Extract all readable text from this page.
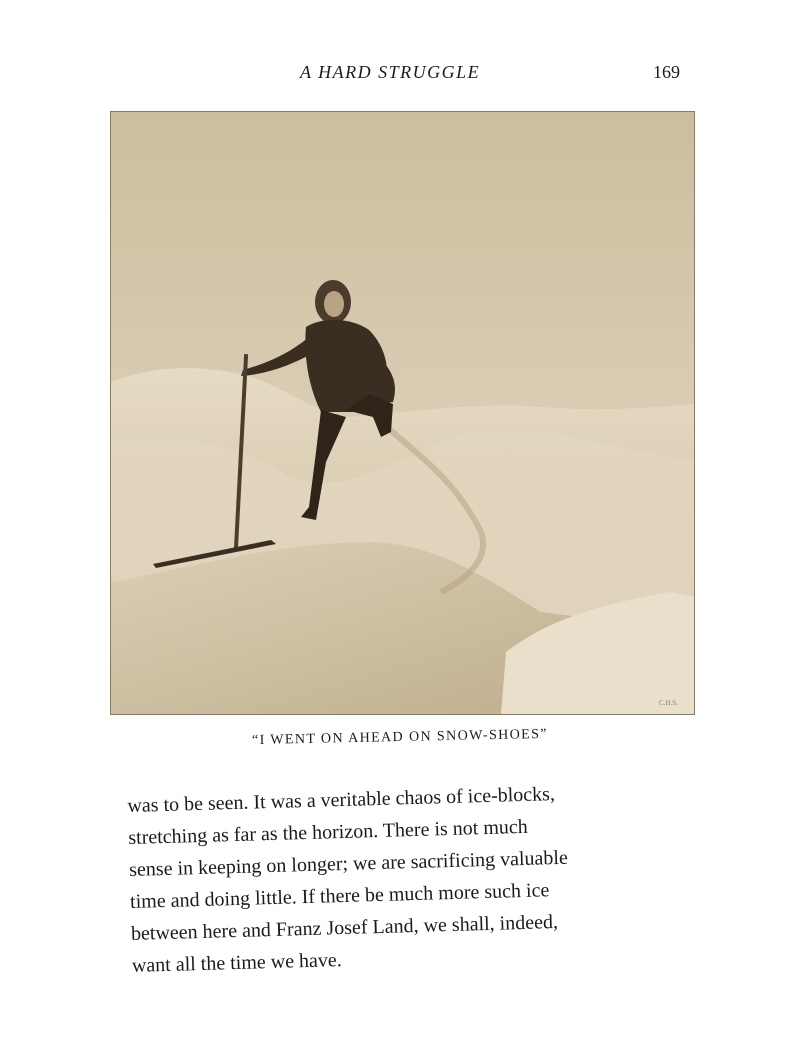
A HARD STRUGGLE	169
C.H.S.
“I WENT ON AHEAD ON SNOW-SHOES”

was to be seen. It was a veritable chaos of ice-blocks,

stretching as far as the horizon. There is not much

sense in keeping on longer; we are sacrificing valuable

time and doing little. If there be much more such ice

between here and Franz Josef Land, we shall, indeed,

want all the time we have.
